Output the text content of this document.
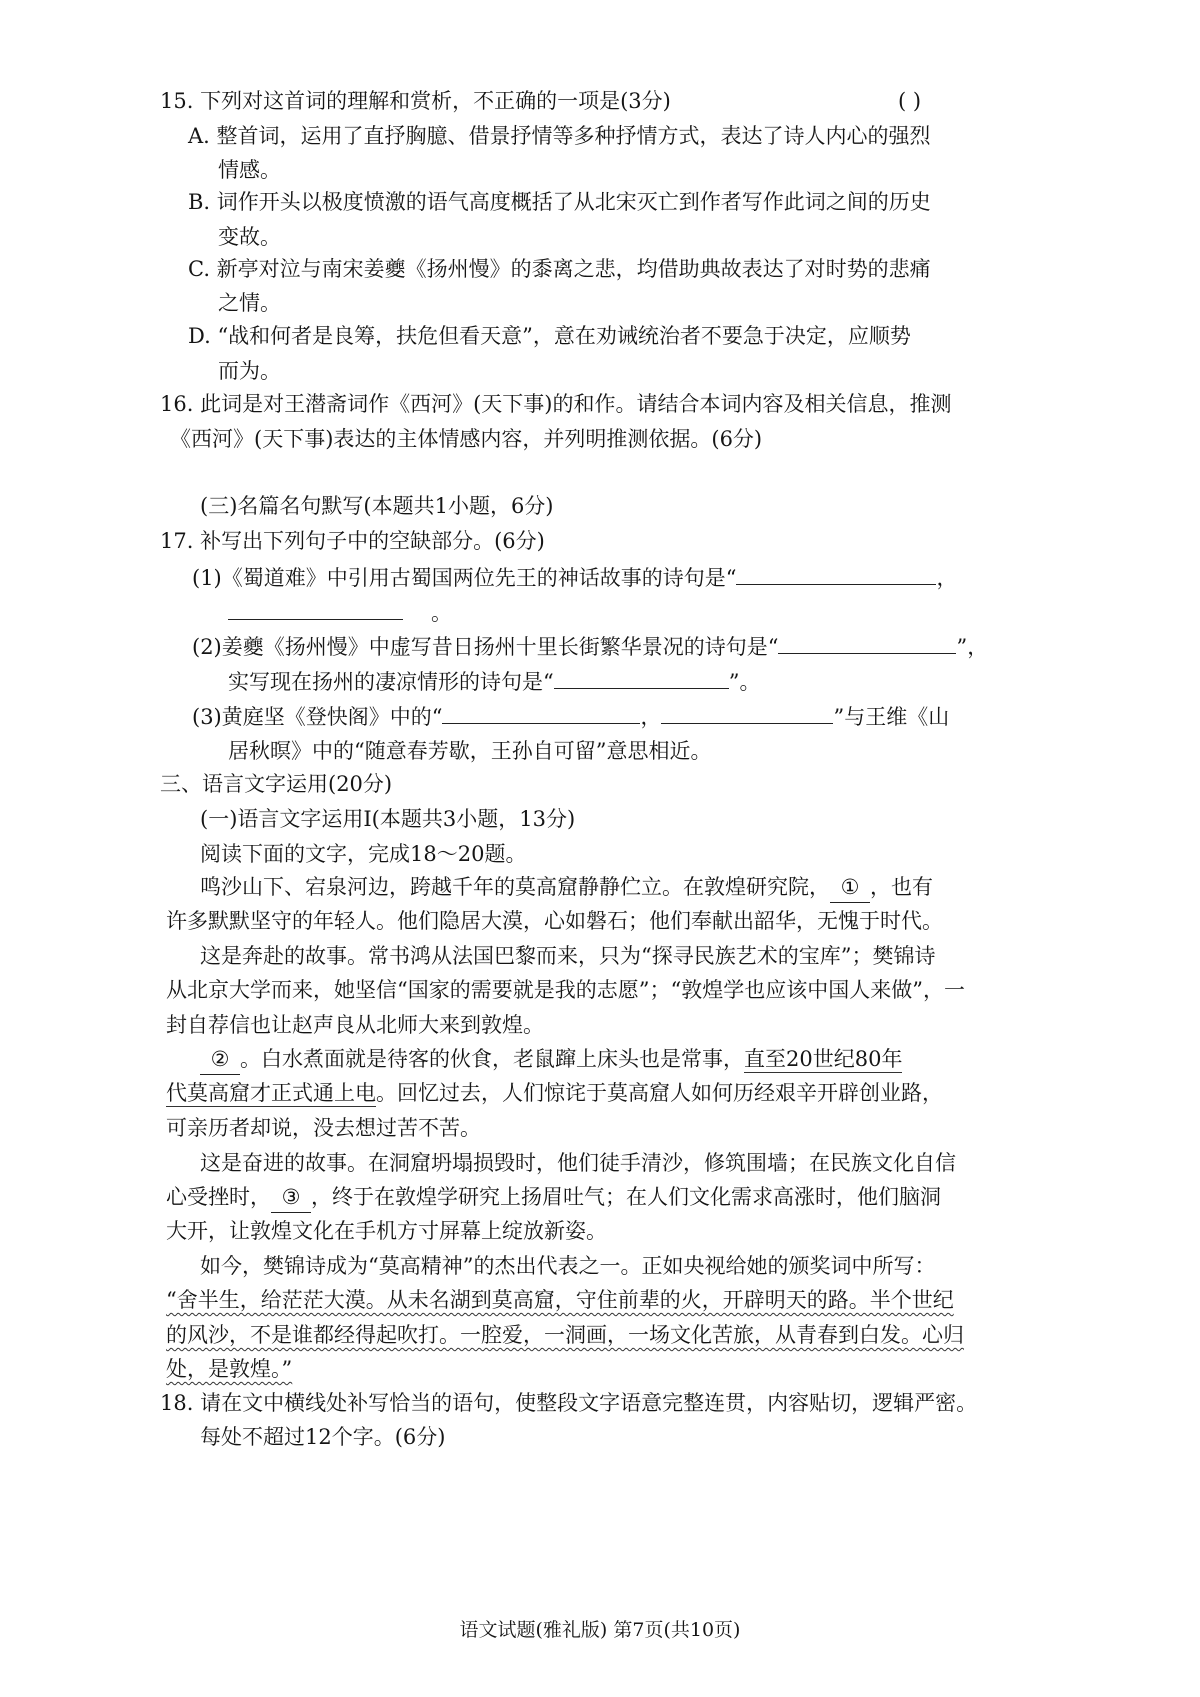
15. 下列对这首词的理解和赏析，不正确的一项是(3分)	( )
A. 整首词，运用了直抒胸臆、借景抒情等多种抒情方式，表达了诗人内心的强烈
情感。
B. 词作开头以极度愤激的语气高度概括了从北宋灭亡到作者写作此词之间的历史
变故。
C. 新亭对泣与南宋姜夔《扬州慢》的黍离之悲，均借助典故表达了对时势的悲痛
之情。
D. “战和何者是良筹，扶危但看天意”，意在劝诫统治者不要急于决定，应顺势
而为。
16. 此词是对王潜斋词作《西河》(天下事)的和作。请结合本词内容及相关信息，推测
《西河》(天下事)表达的主体情感内容，并列明推测依据。(6分)
(三)名篇名句默写(本题共1小题，6分)
17. 补写出下列句子中的空缺部分。(6分)
(1)《蜀道难》中引用古蜀国两位先王的神话故事的诗句是“	，
。
(2)姜夔《扬州慢》中虚写昔日扬州十里长街繁华景况的诗句是“	”，
实写现在扬州的凄凉情形的诗句是“	”。
(3)黄庭坚《登快阁》中的“	，	”与王维《山
居秋暝》中的“随意春芳歇，王孙自可留”意思相近。
三、语言文字运用(20分)
(一)语言文字运用Ⅰ(本题共3小题，13分)
阅读下面的文字，完成18～20题。
鸣沙山下、宕泉河边，跨越千年的莫高窟静静伫立。在敦煌研究院， ① ，也有
许多默默坚守的年轻人。他们隐居大漠，心如磐石；他们奉献出韶华，无愧于时代。
这是奔赴的故事。常书鸿从法国巴黎而来，只为“探寻民族艺术的宝库”；樊锦诗
从北京大学而来，她坚信“国家的需要就是我的志愿”；“敦煌学也应该中国人来做”，一
封自荐信也让赵声良从北师大来到敦煌。
② 。白水煮面就是待客的伙食，老鼠蹿上床头也是常事，直至20世纪80年
代莫高窟才正式通上电。回忆过去，人们惊诧于莫高窟人如何历经艰辛开辟创业路，
可亲历者却说，没去想过苦不苦。
这是奋进的故事。在洞窟坍塌损毁时，他们徒手清沙，修筑围墙；在民族文化自信
心受挫时， ③ ，终于在敦煌学研究上扬眉吐气；在人们文化需求高涨时，他们脑洞
大开，让敦煌文化在手机方寸屏幕上绽放新姿。
如今，樊锦诗成为“莫高精神”的杰出代表之一。正如央视给她的颁奖词中所写：
“舍半生，给茫茫大漠。从未名湖到莫高窟，守住前辈的火，开辟明天的路。半个世纪
的风沙，不是谁都经得起吹打。一腔爱，一洞画，一场文化苦旅，从青春到白发。心归
处，是敦煌。”
18. 请在文中横线处补写恰当的语句，使整段文字语意完整连贯，内容贴切，逻辑严密。
每处不超过12个字。(6分)
语文试题(雅礼版) 第7页(共10页)
